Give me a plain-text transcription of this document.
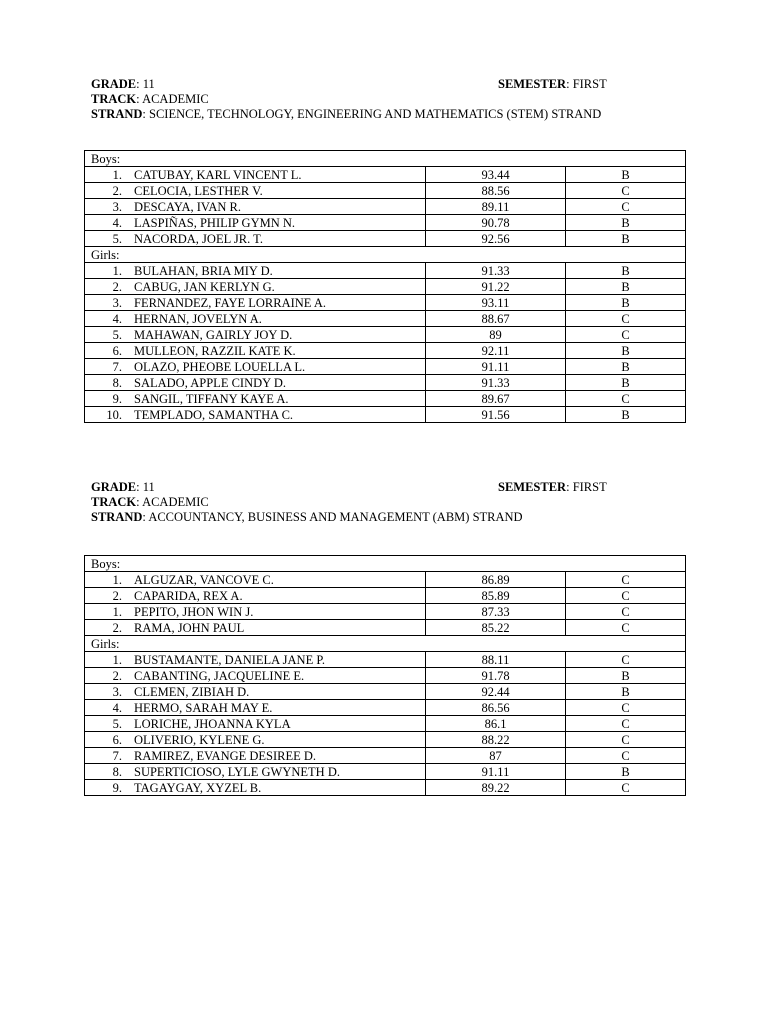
GRADE: 11	SEMESTER: FIRST
TRACK: ACADEMIC
STRAND: SCIENCE, TECHNOLOGY, ENGINEERING AND MATHEMATICS (STEM) STRAND
Boys:		
1. CATUBAY, KARL VINCENT L.	93.44	B
2. CELOCIA, LESTHER V.	88.56	C
3. DESCAYA, IVAN R.	89.11	C
4. LASPIÑAS, PHILIP GYMN N.	90.78	B
5. NACORDA, JOEL JR. T.	92.56	B
Girls:		
1. BULAHAN, BRIA MIY D.	91.33	B
2. CABUG, JAN KERLYN G.	91.22	B
3. FERNANDEZ, FAYE LORRAINE A.	93.11	B
4. HERNAN, JOVELYN A.	88.67	C
5. MAHAWAN, GAIRLY JOY D.	89	C
6. MULLEON, RAZZIL KATE K.	92.11	B
7. OLAZO, PHEOBE LOUELLA L.	91.11	B
8. SALADO, APPLE CINDY D.	91.33	B
9. SANGIL, TIFFANY KAYE A.	89.67	C
10. TEMPLADO, SAMANTHA C.	91.56	B
GRADE: 11	SEMESTER: FIRST
TRACK: ACADEMIC
STRAND: ACCOUNTANCY, BUSINESS AND MANAGEMENT (ABM) STRAND
Boys:		
1. ALGUZAR, VANCOVE C.	86.89	C
2. CAPARIDA, REX A.	85.89	C
1. PEPITO, JHON WIN J.	87.33	C
2. RAMA, JOHN PAUL	85.22	C
Girls:		
1. BUSTAMANTE, DANIELA JANE P.	88.11	C
2. CABANTING, JACQUELINE E.	91.78	B
3. CLEMEN, ZIBIAH D.	92.44	B
4. HERMO, SARAH MAY E.	86.56	C
5. LORICHE, JHOANNA KYLA	86.1	C
6. OLIVERIO, KYLENE G.	88.22	C
7. RAMIREZ, EVANGE DESIREE D.	87	C
8. SUPERTICIOSO, LYLE GWYNETH D.	91.11	B
9. TAGAYGAY, XYZEL B.	89.22	C
